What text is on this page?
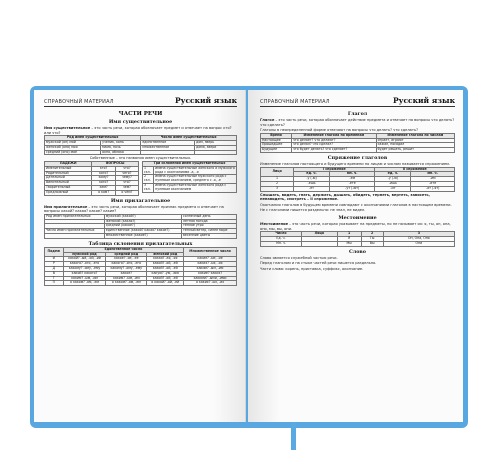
СПРАВОЧНЫЙ МАТЕРИАЛ	Русский язык
ЧАСТИ РЕЧИ
Имя существительное
Имя существительное – это часть речи, которая обозначает предмет и отвечает на вопрос кто? или что?
Род имен существительных		Число имен существительных	
мужской (он) мой	ученик, конь	единственное	дом, зверь
женский (она) моя	мама, ночь	множественное	дома, звери
средний (оно) моё	окно, облако		
Собственные – это названия имен существительных.
ПАДЕЖИ	ВОПРОСЫ	
Именительный	кто?	что?
Родительный	кого?	чего?
Дательный	кому?	чему?
Винительный	кого?	что?
Творительный	кем?	чем?
Предложный	о ком?	о чём?
Три склонения имен существительных	
1 скл.	имена существительные женского и мужского рода с окончаниями -а, -я
2 скл.	имена существительные мужского рода с нулевым окончанием, среднего с -о, -е
3 скл.	имена существительные женского рода с нулевым окончанием
Имя прилагательное
Имя прилагательное – это часть речи, которая обозначает признак предмета и отвечает на вопросы какой? какая? какое? какие?
Род имен прилагательных	мужской (какой?)	солнечный день
	женский (какая?)	летняя погода
	средний (какое?)	тёплое утро
Число имен прилагательных	единственное (какой? какая? какое?)	тёплый ветер, синее море
	множественное (какие?)	весенние цветы
Таблица склонения прилагательных
Падеж	Единственное число			Множественное число
	мужской род	средний род	женский род	
И	какой? -ый, -ой, -ий	какое? -ое, -ее	какая? -ая, -яя	какие? -ые, -ие
Р	какого? -ого, -его	какого? -ого, -его	какой? -ой, -ей	каких? -ых, -их
Д	какому? -ому, -ему	какому? -ому, -ему	какой? -ой, -ей	каким? -ым, -им
В	какой? какого?	какое?	какую? -ую, -юю	какие? каких?
Т	каким? -ым, -им	каким? -ым, -им	какой? -ой, -ей	какими? -ыми, -ими
П	о каком? -ом, -ем	о каком? -ом, -ем	о какой? -ой, -ей	о каких? -ых, -их
СПРАВОЧНЫЙ МАТЕРИАЛ	Русский язык
Глагол
Глагол – это часть речи, которая обозначает действие предмета и отвечает на вопросы что делать? что сделать?
Глаголы в неопределенной форме отвечают на вопросы что делать? что сделать?
Время	Изменение глагола по временам	Изменение глагола по числам
Настоящее	что делает? что делают?	играет, играют
Прошедшее	что делал? что сделал?	сажал, посадил
Будущее	что будет делать? что сделает?	будет решать, решит
Спряжение глаголов
Изменение глаголов настоящего и будущего времени по лицам и числам называется спряжением.
Лицо	I спряжение		II спряжение	
	ед. ч.	мн. ч.	ед. ч.	мн. ч.
1	-у (-ю)	-ем	-у (-ю)	-им
2	-ешь	-ете	-ишь	-ите
3	-ет	-ут (-ют)	-ит	-ат (-ят)
Слышать, видеть, гнать, держать, дышать, обидеть, терпеть, вертеть, зависеть, ненавидеть, смотреть – II спряжение.
Окончания глаголов в будущем времени совпадают с окончаниями глаголов в настоящем времени.
Не с глаголами пишется раздельно: не знал, не видел.
Местоимение
Местоимение – это часть речи, которая указывает на предметы, но не называет их: я, ты, он, она, оно, мы, вы, они.
Число	Лицо	1	2	3
Ед. ч.		Я	Ты	Он, Она, Оно
Мн. ч.		Мы	Вы	Они
Слово
Слово является служебной частью речи.
Перед глаголом и на стыке частей речи пишется раздельно.
Части слова: корень, приставка, суффикс, окончание.
